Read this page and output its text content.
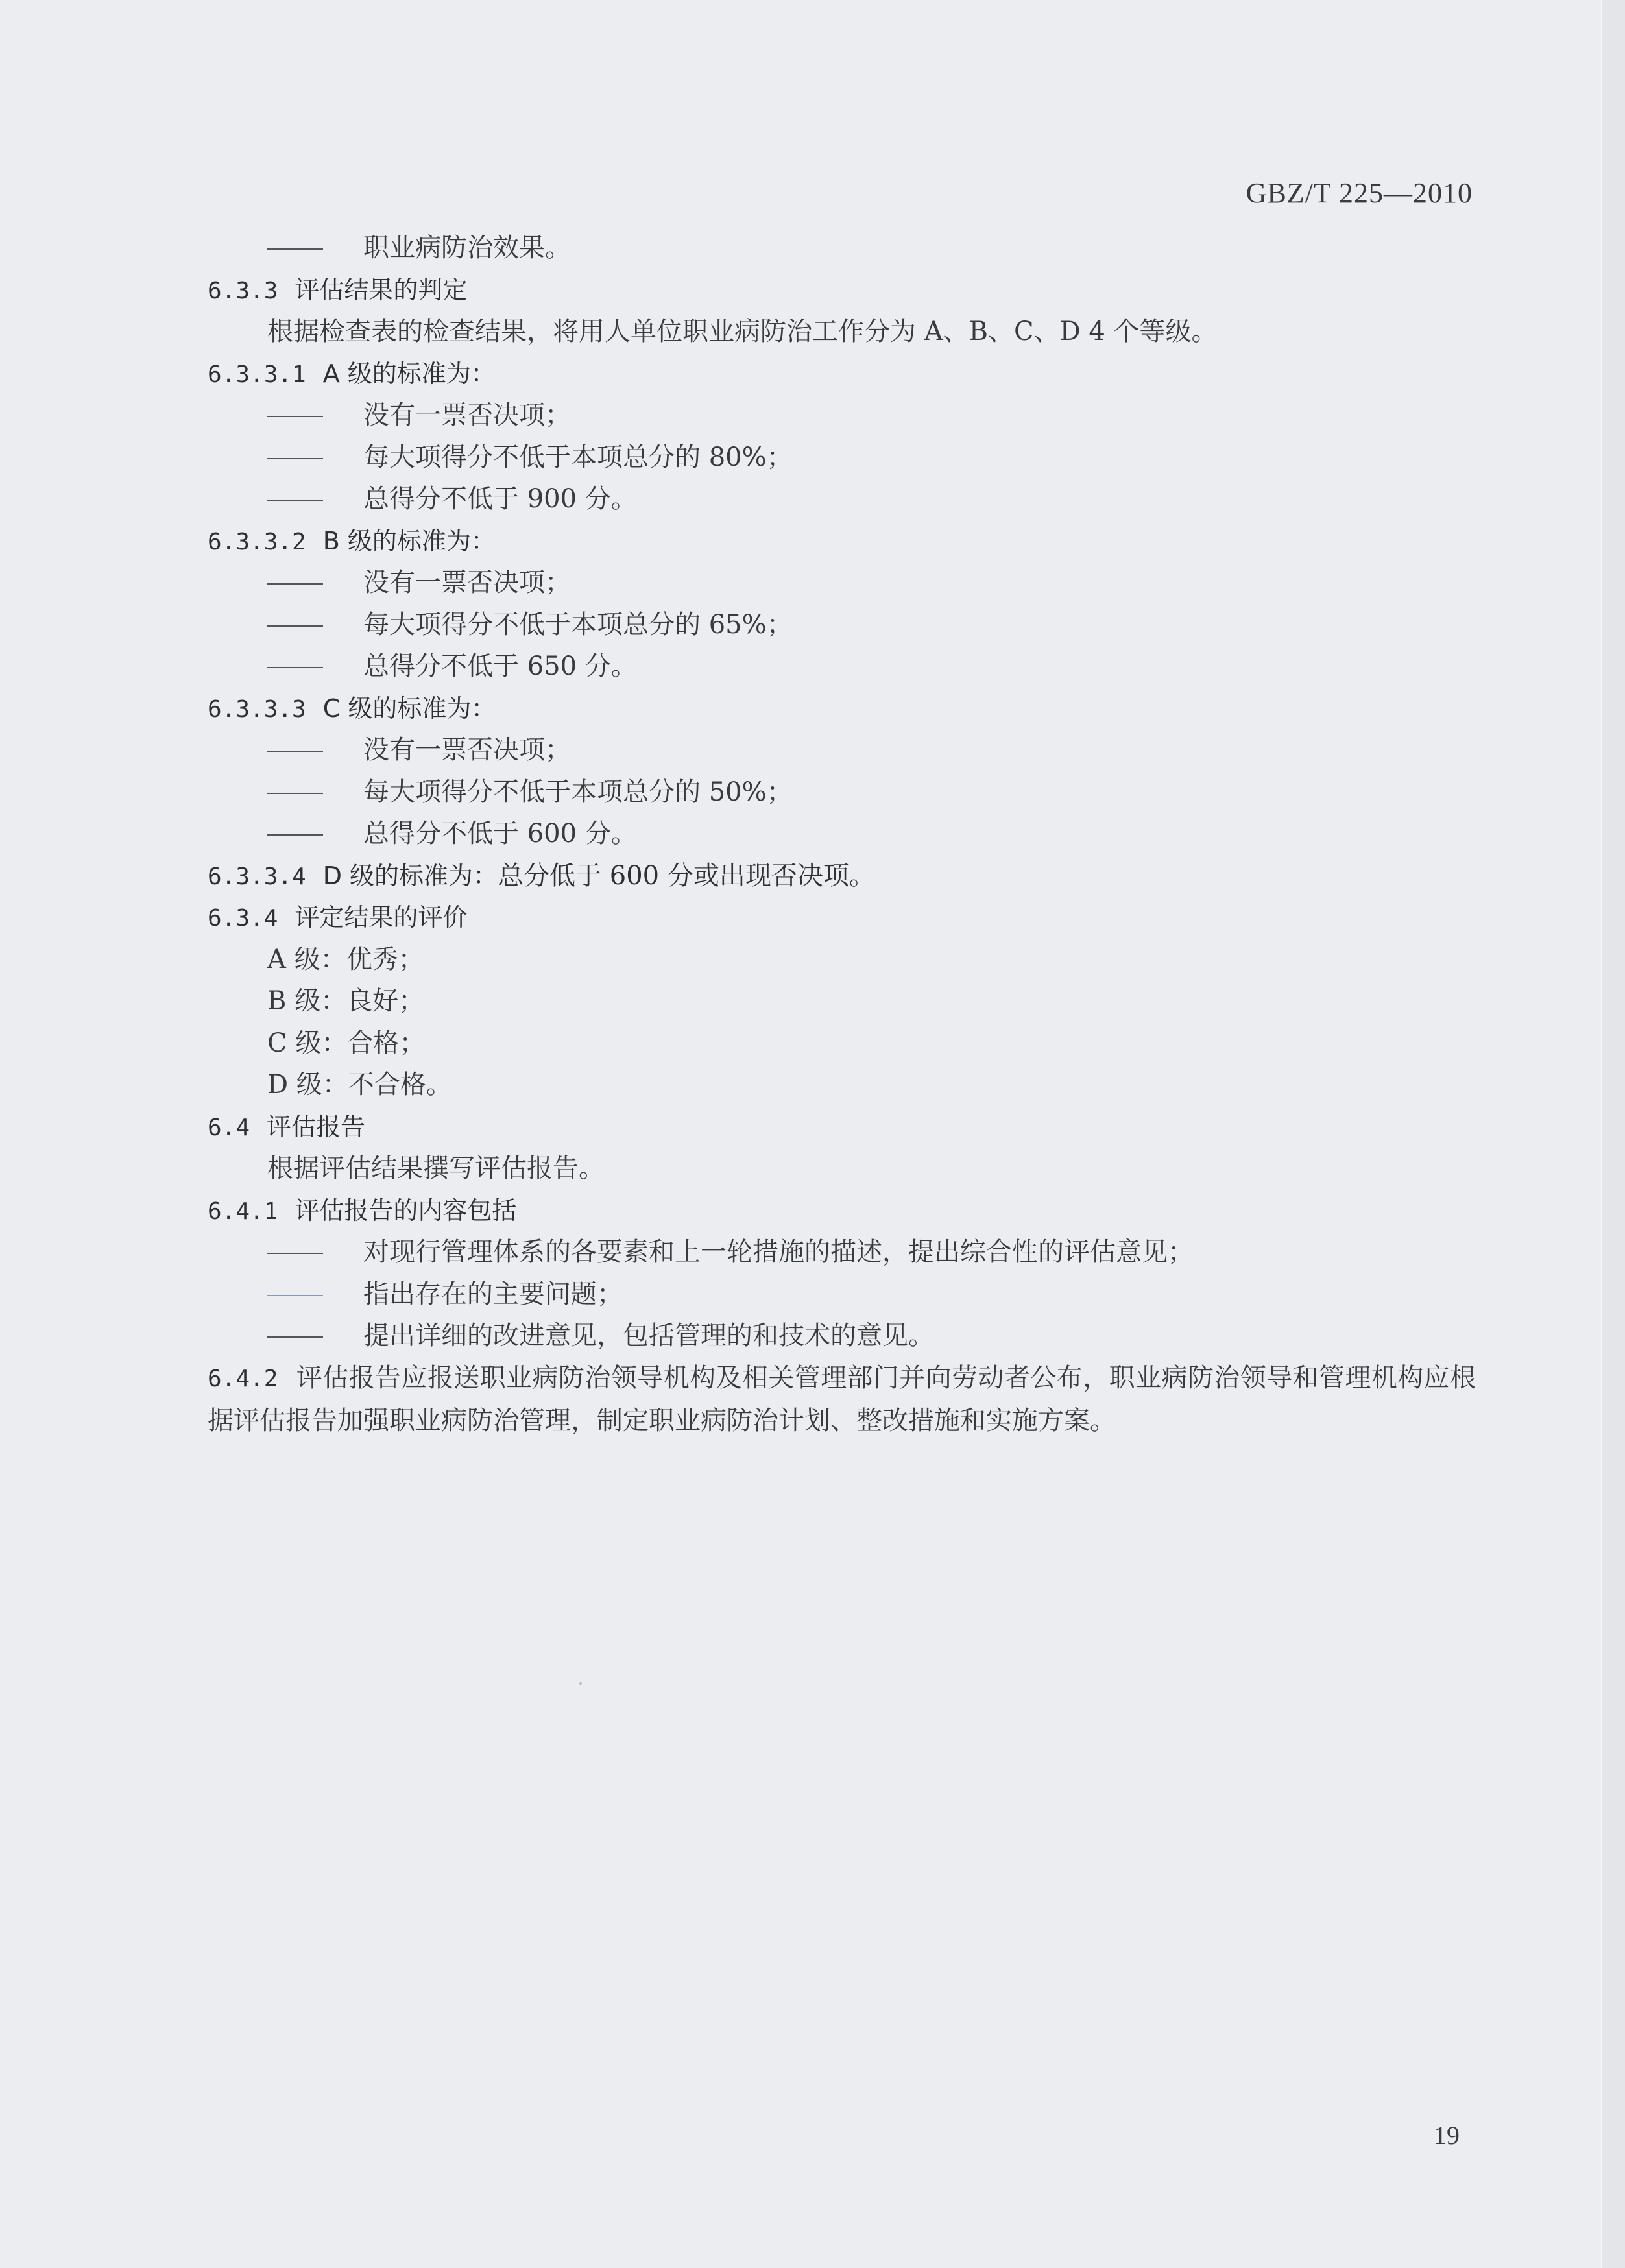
GBZ/T 225—2010
职业病防治效果。
6.3.3 评估结果的判定
根据检查表的检查结果，将用人单位职业病防治工作分为 A、B、C、D 4 个等级。
6.3.3.1 A 级的标准为：
没有一票否决项；
每大项得分不低于本项总分的 80%；
总得分不低于 900 分。
6.3.3.2 B 级的标准为：
没有一票否决项；
每大项得分不低于本项总分的 65%；
总得分不低于 650 分。
6.3.3.3 C 级的标准为：
没有一票否决项；
每大项得分不低于本项总分的 50%；
总得分不低于 600 分。
6.3.3.4 D 级的标准为：总分低于 600 分或出现否决项。
6.3.4 评定结果的评价
A 级：优秀；
B 级：良好；
C 级：合格；
D 级：不合格。
6.4 评估报告
根据评估结果撰写评估报告。
6.4.1 评估报告的内容包括
对现行管理体系的各要素和上一轮措施的描述，提出综合性的评估意见；
指出存在的主要问题；
提出详细的改进意见，包括管理的和技术的意见。
6.4.2 评估报告应报送职业病防治领导机构及相关管理部门并向劳动者公布，职业病防治领导和管理机构应根据评估报告加强职业病防治管理，制定职业病防治计划、整改措施和实施方案。
19
